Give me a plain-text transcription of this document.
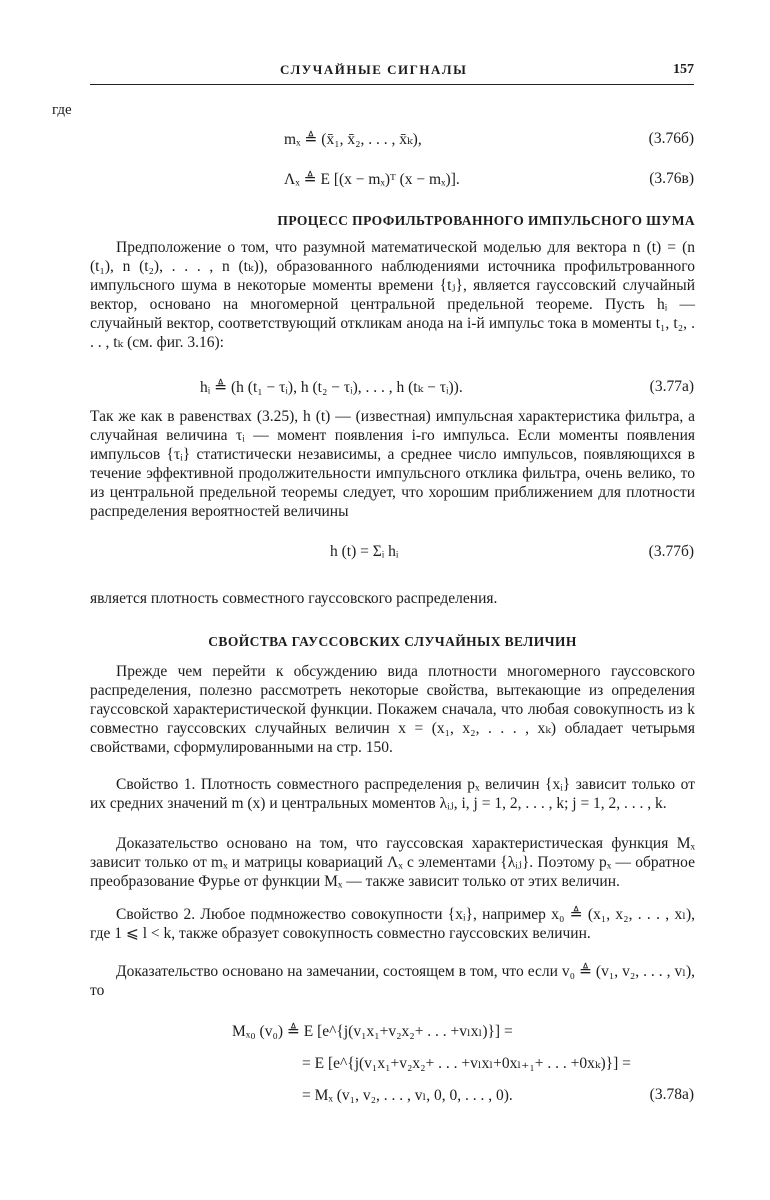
СЛУЧАЙНЫЕ СИГНАЛЫ	157
где
mₓ ≜ (x̄₁, x̄₂, . . . , x̄ₖ),	(3.76б)
Λₓ ≜ E [(x − mₓ)ᵀ (x − mₓ)].	(3.76в)
ПРОЦЕСС ПРОФИЛЬТРОВАННОГО ИМПУЛЬСНОГО ШУМА

Предположение о том, что разумной математической моделью для вектора n (t) = (n (t₁), n (t₂), . . . , n (tₖ)), образованного наблюдениями источника профильтрованного импульсного шума в некоторые моменты времени {tⱼ}, является гауссовский случайный вектор, основано на многомерной центральной предельной теореме. Пусть hᵢ — случайный вектор, соответствующий откликам анода на i-й импульс тока в моменты t₁, t₂, . . . , tₖ (см. фиг. 3.16):

hᵢ ≜ (h (t₁ − τᵢ), h (t₂ − τᵢ), . . . , h (tₖ − τᵢ)).	(3.77а)

Так же как в равенствах (3.25), h (t) — (известная) импульсная характеристика фильтра, а случайная величина τᵢ — момент появления i-го импульса. Если моменты появления импульсов {τᵢ} статистически независимы, а среднее число импульсов, появляющихся в течение эффективной продолжительности импульсного отклика фильтра, очень велико, то из центральной предельной теоремы следует, что хорошим приближением для плотности распределения вероятностей величины

h (t) = Σᵢ hᵢ	(3.77б)

является плотность совместного гауссовского распределения.

СВОЙСТВА ГАУССОВСКИХ СЛУЧАЙНЫХ ВЕЛИЧИН

Прежде чем перейти к обсуждению вида плотности многомерного гауссовского распределения, полезно рассмотреть некоторые свойства, вытекающие из определения гауссовской характеристической функции. Покажем сначала, что любая совокупность из k совместно гауссовских случайных величин x = (x₁, x₂, . . . , xₖ) обладает четырьмя свойствами, сформулированными на стр. 150.

Свойство 1. Плотность совместного распределения pₓ величин {xᵢ} зависит только от их средних значений m (x) и центральных моментов λᵢⱼ, i, j = 1, 2, . . . , k; j = 1, 2, . . . , k.

Доказательство основано на том, что гауссовская характеристическая функция Mₓ зависит только от mₓ и матрицы ковариаций Λₓ с элементами {λᵢⱼ}. Поэтому pₓ — обратное преобразование Фурье от функции Mₓ — также зависит только от этих величин.

Свойство 2. Любое подмножество совокупности {xᵢ}, например x₀ ≜ (x₁, x₂, . . . , xₗ), где 1 ⩽ l < k, также образует совокупность совместно гауссовских величин.

Доказательство основано на замечании, состоящем в том, что если v₀ ≜ (v₁, v₂, . . . , vₗ), то

Mₓ₀ (v₀) ≜ E [e^{j(v₁x₁+v₂x₂+ . . . +vₗxₗ)}] =
= E [e^{j(v₁x₁+v₂x₂+ . . . +vₗxₗ+0xₗ₊₁+ . . . +0xₖ)}] =
= Mₓ (v₁, v₂, . . . , vₗ, 0, 0, . . . , 0).	(3.78а)
